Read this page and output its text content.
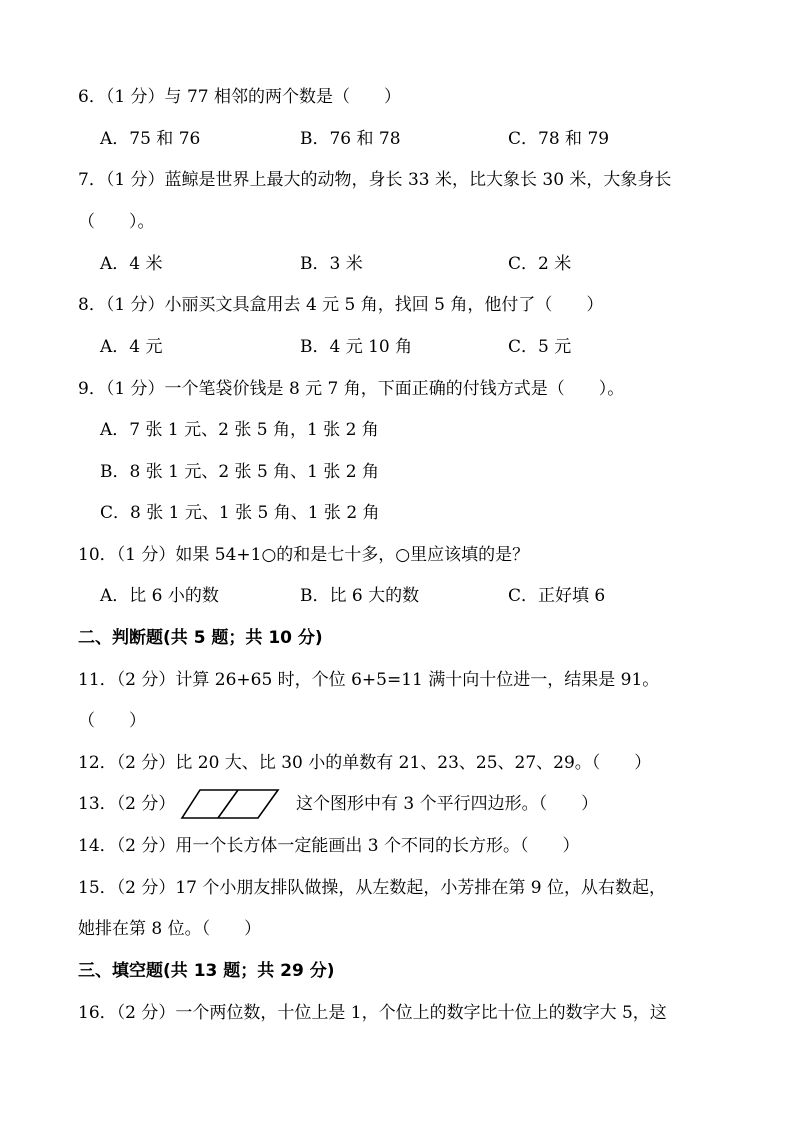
6．（1 分）与 77 相邻的两个数是（　　）
A．75 和 76	B．76 和 78	C．78 和 79
7．（1 分）蓝鲸是世界上最大的动物，身长 33 米，比大象长 30 米，大象身长
（　　）。
A．4 米	B．3 米	C．2 米
8．（1 分）小丽买文具盒用去 4 元 5 角，找回 5 角，他付了（　　）
A．4 元	B．4 元 10 角	C．5 元
9．（1 分）一个笔袋价钱是 8 元 7 角，下面正确的付钱方式是（　　）。
A．7 张 1 元、2 张 5 角，1 张 2 角
B．8 张 1 元、2 张 5 角、1 张 2 角
C．8 张 1 元、1 张 5 角、1 张 2 角
10．（1 分）如果 54+1○的和是七十多，○里应该填的是？
A．比 6 小的数	B．比 6 大的数	C．正好填 6
二、判断题(共 5 题；共 10 分)
11．（2 分）计算 26+65 时，个位 6+5=11 满十向十位进一，结果是 91。
（　　）
12．（2 分）比 20 大、比 30 小的单数有 21、23、25、27、29。（　　）
13．（2 分）	这个图形中有 3 个平行四边形。（　　）
14．（2 分）用一个长方体一定能画出 3 个不同的长方形。（　　）
15．（2 分）17 个小朋友排队做操，从左数起，小芳排在第 9 位，从右数起，
她排在第 8 位。（　　）
三、填空题(共 13 题；共 29 分)
16．（2 分）一个两位数，十位上是 1，个位上的数字比十位上的数字大 5，这
